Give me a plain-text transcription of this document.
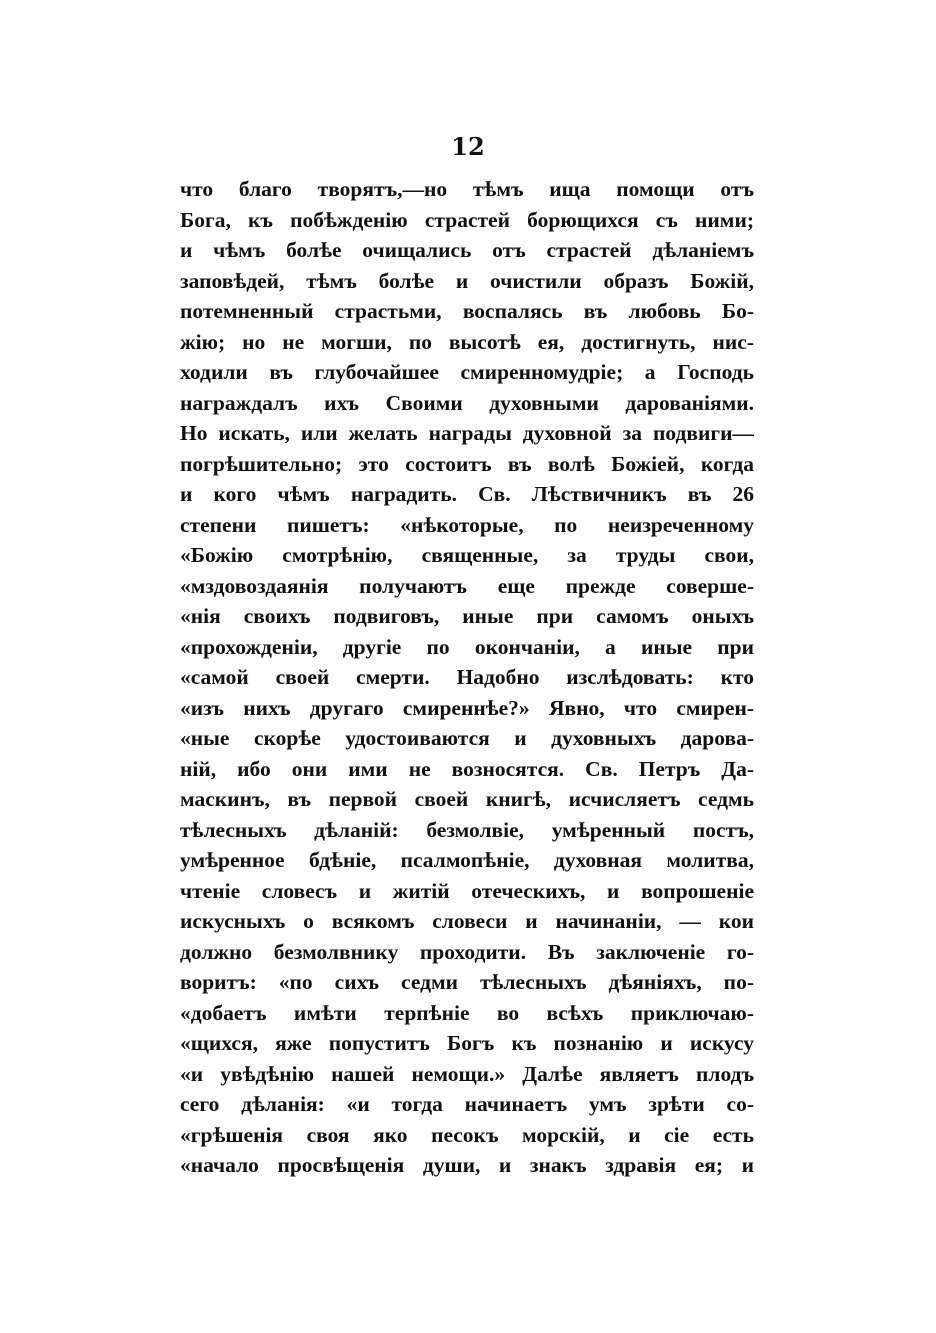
12
что благо творятъ,—но тѣмъ ища помощи отъ
Бога, къ побѣжденію страстей борющихся съ ними;
и чѣмъ болѣе очищались отъ страстей дѣланіемъ
заповѣдей, тѣмъ болѣе и очистили образъ Божій,
потемненный страстьми, воспалясь въ любовь Бо-
жію; но не могши, по высотѣ ея, достигнуть, нис-
ходили въ глубочайшее смиренномудріе; а Господь
награждалъ ихъ Своими духовными дарованіями.
Но искать, или желать награды духовной за подвиги—
погрѣшительно; это состоитъ въ волѣ Божіей, когда
и кого чѣмъ наградить. Св. Лѣствичникъ въ 26
степени пишетъ: «нѣкоторые, по неизреченному
«Божію смотрѣнію, священные, за труды свои,
«мздовоздаянія получаютъ еще прежде соверше-
«нія своихъ подвиговъ, иные при самомъ оныхъ
«прохожденіи, другіе по окончаніи, а иные при
«самой своей смерти. Надобно изслѣдовать: кто
«изъ нихъ другаго смиреннѣе?» Явно, что смирен-
«ные скорѣе удостоиваются и духовныхъ дарова-
ній, ибо они ими не возносятся. Св. Петръ Да-
маскинъ, въ первой своей книгѣ, исчисляетъ седмь
тѣлесныхъ дѣланій: безмолвіе, умѣренный постъ,
умѣренное бдѣніе, псалмопѣніе, духовная молитва,
чтеніе словесъ и житій отеческихъ, и вопрошеніе
искусныхъ о всякомъ словеси и начинаніи, — кои
должно безмолвнику проходити. Въ заключеніе го-
воритъ: «по сихъ седми тѣлесныхъ дѣяніяхъ, по-
«добаетъ имѣти терпѣніе во всѣхъ приключаю-
«щихся, яже попуститъ Богъ къ познанію и искусу
«и увѣдѣнію нашей немощи.» Далѣе являетъ плодъ
сего дѣланія: «и тогда начинаетъ умъ зрѣти со-
«грѣшенія своя яко песокъ морскій, и сіе есть
«начало просвѣщенія души, и знакъ здравія ея; и
